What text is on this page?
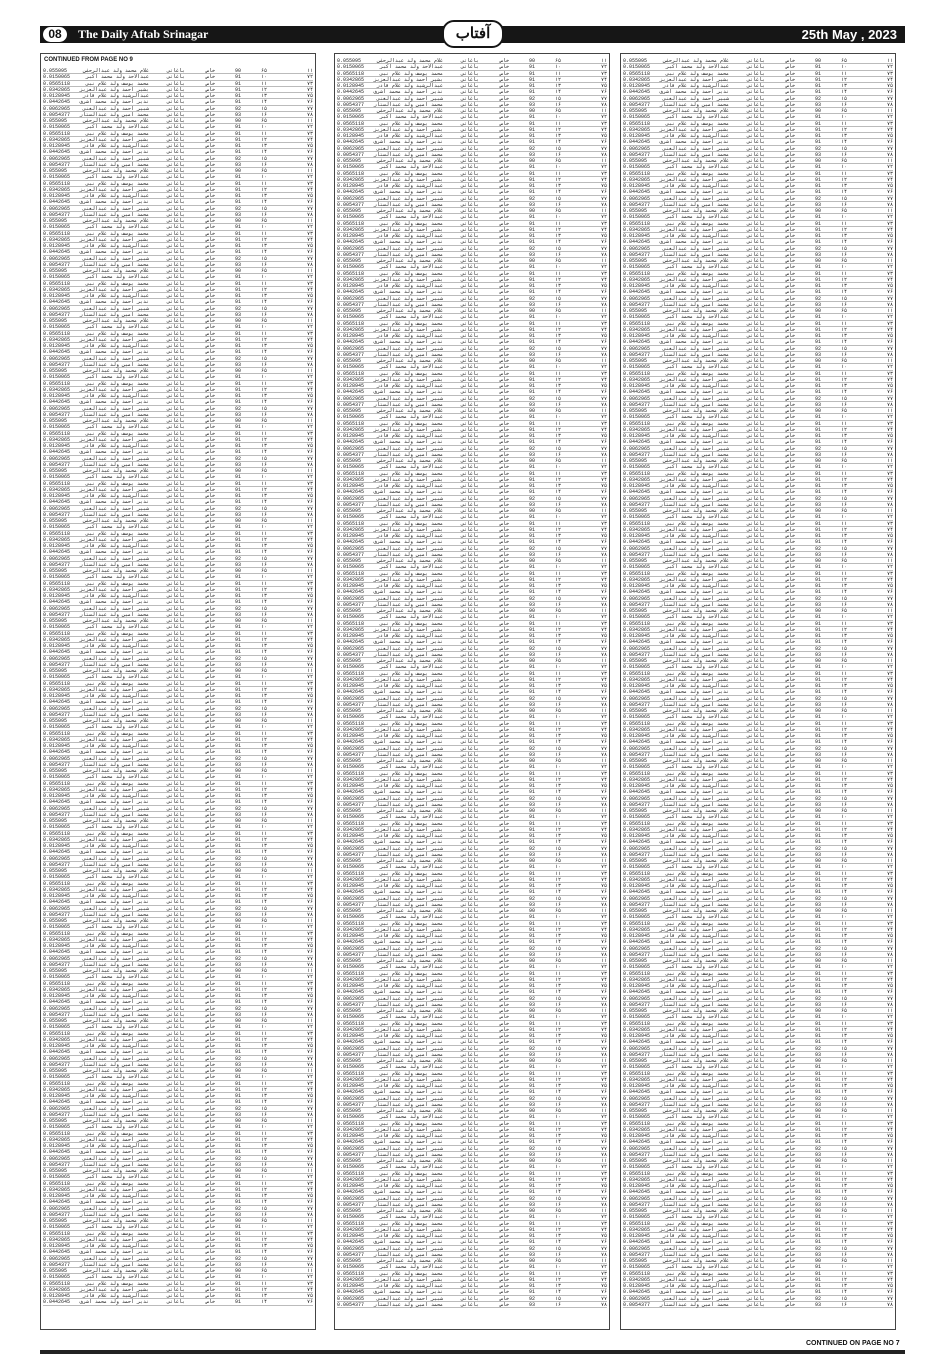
08	The Daily Aftab Srinagar	آفتاب	25th May , 2023
CONTINUED FROM PAGE NO 9
0.055095	غلام محمد ولد عبدالرحمٰن	باغاتی	خاص	90	۶۵	۱۱
0.0150065	عبدالاحد ولد محمد اکبر	باغاتی	خاص	91	۱۰	۷۲
0.0565118	محمد یوسف ولد غلام نبی	باغاتی	خاص	91	۱۱	۷۳
0.0342865	بشیر احمد ولد عبدالعزیز	باغاتی	خاص	91	۱۲	۷۴
0.0128945	عبدالرشید ولد غلام قادر	باغاتی	خاص	91	۱۳	۷۵
0.0442645	نذیر احمد ولد محمد اشرف	باغاتی	خاص	91	۱۴	۷۶
0.0062965	شبیر احمد ولد عبدالغنی	باغاتی	خاص	92	۱۵	۷۷
0.0054377	محمد امین ولد عبدالستار	باغاتی	خاص	93	۱۶	۷۸
0.055095	غلام محمد ولد عبدالرحمٰن	باغاتی	خاص	90	۶۵	۱۱
0.0150065	عبدالاحد ولد محمد اکبر	باغاتی	خاص	91	۱۰	۷۲
0.0565118	محمد یوسف ولد غلام نبی	باغاتی	خاص	91	۱۱	۷۳
0.0342865	بشیر احمد ولد عبدالعزیز	باغاتی	خاص	91	۱۲	۷۴
0.0128945	عبدالرشید ولد غلام قادر	باغاتی	خاص	91	۱۳	۷۵
0.0442645	نذیر احمد ولد محمد اشرف	باغاتی	خاص	91	۱۴	۷۶
0.0062965	شبیر احمد ولد عبدالغنی	باغاتی	خاص	92	۱۵	۷۷
0.0054377	محمد امین ولد عبدالستار	باغاتی	خاص	93	۱۶	۷۸
0.055095	غلام محمد ولد عبدالرحمٰن	باغاتی	خاص	90	۶۵	۱۱
0.0150065	عبدالاحد ولد محمد اکبر	باغاتی	خاص	91	۱۰	۷۲
0.0565118	محمد یوسف ولد غلام نبی	باغاتی	خاص	91	۱۱	۷۳
0.0342865	بشیر احمد ولد عبدالعزیز	باغاتی	خاص	91	۱۲	۷۴
0.0128945	عبدالرشید ولد غلام قادر	باغاتی	خاص	91	۱۳	۷۵
0.0442645	نذیر احمد ولد محمد اشرف	باغاتی	خاص	91	۱۴	۷۶
0.0062965	شبیر احمد ولد عبدالغنی	باغاتی	خاص	92	۱۵	۷۷
0.0054377	محمد امین ولد عبدالستار	باغاتی	خاص	93	۱۶	۷۸
0.055095	غلام محمد ولد عبدالرحمٰن	باغاتی	خاص	90	۶۵	۱۱
0.0150065	عبدالاحد ولد محمد اکبر	باغاتی	خاص	91	۱۰	۷۲
0.0565118	محمد یوسف ولد غلام نبی	باغاتی	خاص	91	۱۱	۷۳
0.0342865	بشیر احمد ولد عبدالعزیز	باغاتی	خاص	91	۱۲	۷۴
0.0128945	عبدالرشید ولد غلام قادر	باغاتی	خاص	91	۱۳	۷۵
0.0442645	نذیر احمد ولد محمد اشرف	باغاتی	خاص	91	۱۴	۷۶
0.0062965	شبیر احمد ولد عبدالغنی	باغاتی	خاص	92	۱۵	۷۷
0.0054377	محمد امین ولد عبدالستار	باغاتی	خاص	93	۱۶	۷۸
0.055095	غلام محمد ولد عبدالرحمٰن	باغاتی	خاص	90	۶۵	۱۱
0.0150065	عبدالاحد ولد محمد اکبر	باغاتی	خاص	91	۱۰	۷۲
0.0565118	محمد یوسف ولد غلام نبی	باغاتی	خاص	91	۱۱	۷۳
0.0342865	بشیر احمد ولد عبدالعزیز	باغاتی	خاص	91	۱۲	۷۴
0.0128945	عبدالرشید ولد غلام قادر	باغاتی	خاص	91	۱۳	۷۵
0.0442645	نذیر احمد ولد محمد اشرف	باغاتی	خاص	91	۱۴	۷۶
0.0062965	شبیر احمد ولد عبدالغنی	باغاتی	خاص	92	۱۵	۷۷
0.0054377	محمد امین ولد عبدالستار	باغاتی	خاص	93	۱۶	۷۸
0.055095	غلام محمد ولد عبدالرحمٰن	باغاتی	خاص	90	۶۵	۱۱
0.0150065	عبدالاحد ولد محمد اکبر	باغاتی	خاص	91	۱۰	۷۲
0.0565118	محمد یوسف ولد غلام نبی	باغاتی	خاص	91	۱۱	۷۳
0.0342865	بشیر احمد ولد عبدالعزیز	باغاتی	خاص	91	۱۲	۷۴
0.0128945	عبدالرشید ولد غلام قادر	باغاتی	خاص	91	۱۳	۷۵
0.0442645	نذیر احمد ولد محمد اشرف	باغاتی	خاص	91	۱۴	۷۶
0.0062965	شبیر احمد ولد عبدالغنی	باغاتی	خاص	92	۱۵	۷۷
0.0054377	محمد امین ولد عبدالستار	باغاتی	خاص	93	۱۶	۷۸
0.055095	غلام محمد ولد عبدالرحمٰن	باغاتی	خاص	90	۶۵	۱۱
0.0150065	عبدالاحد ولد محمد اکبر	باغاتی	خاص	91	۱۰	۷۲
0.0565118	محمد یوسف ولد غلام نبی	باغاتی	خاص	91	۱۱	۷۳
0.0342865	بشیر احمد ولد عبدالعزیز	باغاتی	خاص	91	۱۲	۷۴
0.0128945	عبدالرشید ولد غلام قادر	باغاتی	خاص	91	۱۳	۷۵
0.0442645	نذیر احمد ولد محمد اشرف	باغاتی	خاص	91	۱۴	۷۶
0.0062965	شبیر احمد ولد عبدالغنی	باغاتی	خاص	92	۱۵	۷۷
0.0054377	محمد امین ولد عبدالستار	باغاتی	خاص	93	۱۶	۷۸
0.055095	غلام محمد ولد عبدالرحمٰن	باغاتی	خاص	90	۶۵	۱۱
0.0150065	عبدالاحد ولد محمد اکبر	باغاتی	خاص	91	۱۰	۷۲
0.0565118	محمد یوسف ولد غلام نبی	باغاتی	خاص	91	۱۱	۷۳
0.0342865	بشیر احمد ولد عبدالعزیز	باغاتی	خاص	91	۱۲	۷۴
0.0128945	عبدالرشید ولد غلام قادر	باغاتی	خاص	91	۱۳	۷۵
0.0442645	نذیر احمد ولد محمد اشرف	باغاتی	خاص	91	۱۴	۷۶
0.0062965	شبیر احمد ولد عبدالغنی	باغاتی	خاص	92	۱۵	۷۷
0.0054377	محمد امین ولد عبدالستار	باغاتی	خاص	93	۱۶	۷۸
0.055095	غلام محمد ولد عبدالرحمٰن	باغاتی	خاص	90	۶۵	۱۱
0.0150065	عبدالاحد ولد محمد اکبر	باغاتی	خاص	91	۱۰	۷۲
0.0565118	محمد یوسف ولد غلام نبی	باغاتی	خاص	91	۱۱	۷۳
0.0342865	بشیر احمد ولد عبدالعزیز	باغاتی	خاص	91	۱۲	۷۴
0.0128945	عبدالرشید ولد غلام قادر	باغاتی	خاص	91	۱۳	۷۵
0.0442645	نذیر احمد ولد محمد اشرف	باغاتی	خاص	91	۱۴	۷۶
0.0062965	شبیر احمد ولد عبدالغنی	باغاتی	خاص	92	۱۵	۷۷
0.0054377	محمد امین ولد عبدالستار	باغاتی	خاص	93	۱۶	۷۸
0.055095	غلام محمد ولد عبدالرحمٰن	باغاتی	خاص	90	۶۵	۱۱
0.0150065	عبدالاحد ولد محمد اکبر	باغاتی	خاص	91	۱۰	۷۲
0.0565118	محمد یوسف ولد غلام نبی	باغاتی	خاص	91	۱۱	۷۳
0.0342865	بشیر احمد ولد عبدالعزیز	باغاتی	خاص	91	۱۲	۷۴
0.0128945	عبدالرشید ولد غلام قادر	باغاتی	خاص	91	۱۳	۷۵
0.0442645	نذیر احمد ولد محمد اشرف	باغاتی	خاص	91	۱۴	۷۶
0.0062965	شبیر احمد ولد عبدالغنی	باغاتی	خاص	92	۱۵	۷۷
0.0054377	محمد امین ولد عبدالستار	باغاتی	خاص	93	۱۶	۷۸
0.055095	غلام محمد ولد عبدالرحمٰن	باغاتی	خاص	90	۶۵	۱۱
0.0150065	عبدالاحد ولد محمد اکبر	باغاتی	خاص	91	۱۰	۷۲
0.0565118	محمد یوسف ولد غلام نبی	باغاتی	خاص	91	۱۱	۷۳
0.0342865	بشیر احمد ولد عبدالعزیز	باغاتی	خاص	91	۱۲	۷۴
0.0128945	عبدالرشید ولد غلام قادر	باغاتی	خاص	91	۱۳	۷۵
0.0442645	نذیر احمد ولد محمد اشرف	باغاتی	خاص	91	۱۴	۷۶
0.0062965	شبیر احمد ولد عبدالغنی	باغاتی	خاص	92	۱۵	۷۷
0.0054377	محمد امین ولد عبدالستار	باغاتی	خاص	93	۱۶	۷۸
0.055095	غلام محمد ولد عبدالرحمٰن	باغاتی	خاص	90	۶۵	۱۱
0.0150065	عبدالاحد ولد محمد اکبر	باغاتی	خاص	91	۱۰	۷۲
0.0565118	محمد یوسف ولد غلام نبی	باغاتی	خاص	91	۱۱	۷۳
0.0342865	بشیر احمد ولد عبدالعزیز	باغاتی	خاص	91	۱۲	۷۴
0.0128945	عبدالرشید ولد غلام قادر	باغاتی	خاص	91	۱۳	۷۵
0.0442645	نذیر احمد ولد محمد اشرف	باغاتی	خاص	91	۱۴	۷۶
0.0062965	شبیر احمد ولد عبدالغنی	باغاتی	خاص	92	۱۵	۷۷
0.0054377	محمد امین ولد عبدالستار	باغاتی	خاص	93	۱۶	۷۸
0.055095	غلام محمد ولد عبدالرحمٰن	باغاتی	خاص	90	۶۵	۱۱
0.0150065	عبدالاحد ولد محمد اکبر	باغاتی	خاص	91	۱۰	۷۲
0.0565118	محمد یوسف ولد غلام نبی	باغاتی	خاص	91	۱۱	۷۳
0.0342865	بشیر احمد ولد عبدالعزیز	باغاتی	خاص	91	۱۲	۷۴
0.0128945	عبدالرشید ولد غلام قادر	باغاتی	خاص	91	۱۳	۷۵
0.0442645	نذیر احمد ولد محمد اشرف	باغاتی	خاص	91	۱۴	۷۶
0.0062965	شبیر احمد ولد عبدالغنی	باغاتی	خاص	92	۱۵	۷۷
0.0054377	محمد امین ولد عبدالستار	باغاتی	خاص	93	۱۶	۷۸
0.055095	غلام محمد ولد عبدالرحمٰن	باغاتی	خاص	90	۶۵	۱۱
0.0150065	عبدالاحد ولد محمد اکبر	باغاتی	خاص	91	۱۰	۷۲
0.0565118	محمد یوسف ولد غلام نبی	باغاتی	خاص	91	۱۱	۷۳
0.0342865	بشیر احمد ولد عبدالعزیز	باغاتی	خاص	91	۱۲	۷۴
0.0128945	عبدالرشید ولد غلام قادر	باغاتی	خاص	91	۱۳	۷۵
0.0442645	نذیر احمد ولد محمد اشرف	باغاتی	خاص	91	۱۴	۷۶
0.0062965	شبیر احمد ولد عبدالغنی	باغاتی	خاص	92	۱۵	۷۷
0.0054377	محمد امین ولد عبدالستار	باغاتی	خاص	93	۱۶	۷۸
0.055095	غلام محمد ولد عبدالرحمٰن	باغاتی	خاص	90	۶۵	۱۱
0.0150065	عبدالاحد ولد محمد اکبر	باغاتی	خاص	91	۱۰	۷۲
0.0565118	محمد یوسف ولد غلام نبی	باغاتی	خاص	91	۱۱	۷۳
0.0342865	بشیر احمد ولد عبدالعزیز	باغاتی	خاص	91	۱۲	۷۴
0.0128945	عبدالرشید ولد غلام قادر	باغاتی	خاص	91	۱۳	۷۵
0.0442645	نذیر احمد ولد محمد اشرف	باغاتی	خاص	91	۱۴	۷۶
0.0062965	شبیر احمد ولد عبدالغنی	باغاتی	خاص	92	۱۵	۷۷
0.0054377	محمد امین ولد عبدالستار	باغاتی	خاص	93	۱۶	۷۸
0.055095	غلام محمد ولد عبدالرحمٰن	باغاتی	خاص	90	۶۵	۱۱
0.0150065	عبدالاحد ولد محمد اکبر	باغاتی	خاص	91	۱۰	۷۲
0.0565118	محمد یوسف ولد غلام نبی	باغاتی	خاص	91	۱۱	۷۳
0.0342865	بشیر احمد ولد عبدالعزیز	باغاتی	خاص	91	۱۲	۷۴
0.0128945	عبدالرشید ولد غلام قادر	باغاتی	خاص	91	۱۳	۷۵
0.0442645	نذیر احمد ولد محمد اشرف	باغاتی	خاص	91	۱۴	۷۶
0.0062965	شبیر احمد ولد عبدالغنی	باغاتی	خاص	92	۱۵	۷۷
0.0054377	محمد امین ولد عبدالستار	باغاتی	خاص	93	۱۶	۷۸
0.055095	غلام محمد ولد عبدالرحمٰن	باغاتی	خاص	90	۶۵	۱۱
0.0150065	عبدالاحد ولد محمد اکبر	باغاتی	خاص	91	۱۰	۷۲
0.0565118	محمد یوسف ولد غلام نبی	باغاتی	خاص	91	۱۱	۷۳
0.0342865	بشیر احمد ولد عبدالعزیز	باغاتی	خاص	91	۱۲	۷۴
0.0128945	عبدالرشید ولد غلام قادر	باغاتی	خاص	91	۱۳	۷۵
0.0442645	نذیر احمد ولد محمد اشرف	باغاتی	خاص	91	۱۴	۷۶
0.0062965	شبیر احمد ولد عبدالغنی	باغاتی	خاص	92	۱۵	۷۷
0.0054377	محمد امین ولد عبدالستار	باغاتی	خاص	93	۱۶	۷۸
0.055095	غلام محمد ولد عبدالرحمٰن	باغاتی	خاص	90	۶۵	۱۱
0.0150065	عبدالاحد ولد محمد اکبر	باغاتی	خاص	91	۱۰	۷۲
0.0565118	محمد یوسف ولد غلام نبی	باغاتی	خاص	91	۱۱	۷۳
0.0342865	بشیر احمد ولد عبدالعزیز	باغاتی	خاص	91	۱۲	۷۴
0.0128945	عبدالرشید ولد غلام قادر	باغاتی	خاص	91	۱۳	۷۵
0.0442645	نذیر احمد ولد محمد اشرف	باغاتی	خاص	91	۱۴	۷۶
0.0062965	شبیر احمد ولد عبدالغنی	باغاتی	خاص	92	۱۵	۷۷
0.0054377	محمد امین ولد عبدالستار	باغاتی	خاص	93	۱۶	۷۸
0.055095	غلام محمد ولد عبدالرحمٰن	باغاتی	خاص	90	۶۵	۱۱
0.0150065	عبدالاحد ولد محمد اکبر	باغاتی	خاص	91	۱۰	۷۲
0.0565118	محمد یوسف ولد غلام نبی	باغاتی	خاص	91	۱۱	۷۳
0.0342865	بشیر احمد ولد عبدالعزیز	باغاتی	خاص	91	۱۲	۷۴
0.0128945	عبدالرشید ولد غلام قادر	باغاتی	خاص	91	۱۳	۷۵
0.0442645	نذیر احمد ولد محمد اشرف	باغاتی	خاص	91	۱۴	۷۶
0.0062965	شبیر احمد ولد عبدالغنی	باغاتی	خاص	92	۱۵	۷۷
0.0054377	محمد امین ولد عبدالستار	باغاتی	خاص	93	۱۶	۷۸
0.055095	غلام محمد ولد عبدالرحمٰن	باغاتی	خاص	90	۶۵	۱۱
0.0150065	عبدالاحد ولد محمد اکبر	باغاتی	خاص	91	۱۰	۷۲
0.0565118	محمد یوسف ولد غلام نبی	باغاتی	خاص	91	۱۱	۷۳
0.0342865	بشیر احمد ولد عبدالعزیز	باغاتی	خاص	91	۱۲	۷۴
0.0128945	عبدالرشید ولد غلام قادر	باغاتی	خاص	91	۱۳	۷۵
0.0442645	نذیر احمد ولد محمد اشرف	باغاتی	خاص	91	۱۴	۷۶
0.0062965	شبیر احمد ولد عبدالغنی	باغاتی	خاص	92	۱۵	۷۷
0.0054377	محمد امین ولد عبدالستار	باغاتی	خاص	93	۱۶	۷۸
0.055095	غلام محمد ولد عبدالرحمٰن	باغاتی	خاص	90	۶۵	۱۱
0.0150065	عبدالاحد ولد محمد اکبر	باغاتی	خاص	91	۱۰	۷۲
0.0565118	محمد یوسف ولد غلام نبی	باغاتی	خاص	91	۱۱	۷۳
0.0342865	بشیر احمد ولد عبدالعزیز	باغاتی	خاص	91	۱۲	۷۴
0.0128945	عبدالرشید ولد غلام قادر	باغاتی	خاص	91	۱۳	۷۵
0.0442645	نذیر احمد ولد محمد اشرف	باغاتی	خاص	91	۱۴	۷۶
0.0062965	شبیر احمد ولد عبدالغنی	باغاتی	خاص	92	۱۵	۷۷
0.0054377	محمد امین ولد عبدالستار	باغاتی	خاص	93	۱۶	۷۸
0.055095	غلام محمد ولد عبدالرحمٰن	باغاتی	خاص	90	۶۵	۱۱
0.0150065	عبدالاحد ولد محمد اکبر	باغاتی	خاص	91	۱۰	۷۲
0.0565118	محمد یوسف ولد غلام نبی	باغاتی	خاص	91	۱۱	۷۳
0.0342865	بشیر احمد ولد عبدالعزیز	باغاتی	خاص	91	۱۲	۷۴
0.0128945	عبدالرشید ولد غلام قادر	باغاتی	خاص	91	۱۳	۷۵
0.0442645	نذیر احمد ولد محمد اشرف	باغاتی	خاص	91	۱۴	۷۶
0.0062965	شبیر احمد ولد عبدالغنی	باغاتی	خاص	92	۱۵	۷۷
0.0054377	محمد امین ولد عبدالستار	باغاتی	خاص	93	۱۶	۷۸
0.055095	غلام محمد ولد عبدالرحمٰن	باغاتی	خاص	90	۶۵	۱۱
0.0150065	عبدالاحد ولد محمد اکبر	باغاتی	خاص	91	۱۰	۷۲
0.0565118	محمد یوسف ولد غلام نبی	باغاتی	خاص	91	۱۱	۷۳
0.0342865	بشیر احمد ولد عبدالعزیز	باغاتی	خاص	91	۱۲	۷۴
0.0128945	عبدالرشید ولد غلام قادر	باغاتی	خاص	91	۱۳	۷۵
0.0442645	نذیر احمد ولد محمد اشرف	باغاتی	خاص	91	۱۴	۷۶
0.0062965	شبیر احمد ولد عبدالغنی	باغاتی	خاص	92	۱۵	۷۷
0.0054377	محمد امین ولد عبدالستار	باغاتی	خاص	93	۱۶	۷۸
0.055095	غلام محمد ولد عبدالرحمٰن	باغاتی	خاص	90	۶۵	۱۱
0.0150065	عبدالاحد ولد محمد اکبر	باغاتی	خاص	91	۱۰	۷۲
0.0565118	محمد یوسف ولد غلام نبی	باغاتی	خاص	91	۱۱	۷۳
0.0342865	بشیر احمد ولد عبدالعزیز	باغاتی	خاص	91	۱۲	۷۴
0.0128945	عبدالرشید ولد غلام قادر	باغاتی	خاص	91	۱۳	۷۵
0.0442645	نذیر احمد ولد محمد اشرف	باغاتی	خاص	91	۱۴	۷۶
0.0062965	شبیر احمد ولد عبدالغنی	باغاتی	خاص	92	۱۵	۷۷
0.0054377	محمد امین ولد عبدالستار	باغاتی	خاص	93	۱۶	۷۸
0.055095	غلام محمد ولد عبدالرحمٰن	باغاتی	خاص	90	۶۵	۱۱
0.0150065	عبدالاحد ولد محمد اکبر	باغاتی	خاص	91	۱۰	۷۲
0.0565118	محمد یوسف ولد غلام نبی	باغاتی	خاص	91	۱۱	۷۳
0.0342865	بشیر احمد ولد عبدالعزیز	باغاتی	خاص	91	۱۲	۷۴
0.0128945	عبدالرشید ولد غلام قادر	باغاتی	خاص	91	۱۳	۷۵
0.0442645	نذیر احمد ولد محمد اشرف	باغاتی	خاص	91	۱۴	۷۶
0.055095	غلام محمد ولد عبدالرحمٰن	باغاتی	خاص	90	۶۵	۱۱
0.0150065	عبدالاحد ولد محمد اکبر	باغاتی	خاص	91	۱۰	۷۲
0.0565118	محمد یوسف ولد غلام نبی	باغاتی	خاص	91	۱۱	۷۳
0.0342865	بشیر احمد ولد عبدالعزیز	باغاتی	خاص	91	۱۲	۷۴
0.0128945	عبدالرشید ولد غلام قادر	باغاتی	خاص	91	۱۳	۷۵
0.0442645	نذیر احمد ولد محمد اشرف	باغاتی	خاص	91	۱۴	۷۶
0.0062965	شبیر احمد ولد عبدالغنی	باغاتی	خاص	92	۱۵	۷۷
0.0054377	محمد امین ولد عبدالستار	باغاتی	خاص	93	۱۶	۷۸
0.055095	غلام محمد ولد عبدالرحمٰن	باغاتی	خاص	90	۶۵	۱۱
0.0150065	عبدالاحد ولد محمد اکبر	باغاتی	خاص	91	۱۰	۷۲
0.0565118	محمد یوسف ولد غلام نبی	باغاتی	خاص	91	۱۱	۷۳
0.0342865	بشیر احمد ولد عبدالعزیز	باغاتی	خاص	91	۱۲	۷۴
0.0128945	عبدالرشید ولد غلام قادر	باغاتی	خاص	91	۱۳	۷۵
0.0442645	نذیر احمد ولد محمد اشرف	باغاتی	خاص	91	۱۴	۷۶
0.0062965	شبیر احمد ولد عبدالغنی	باغاتی	خاص	92	۱۵	۷۷
0.0054377	محمد امین ولد عبدالستار	باغاتی	خاص	93	۱۶	۷۸
0.055095	غلام محمد ولد عبدالرحمٰن	باغاتی	خاص	90	۶۵	۱۱
0.0150065	عبدالاحد ولد محمد اکبر	باغاتی	خاص	91	۱۰	۷۲
0.0565118	محمد یوسف ولد غلام نبی	باغاتی	خاص	91	۱۱	۷۳
0.0342865	بشیر احمد ولد عبدالعزیز	باغاتی	خاص	91	۱۲	۷۴
0.0128945	عبدالرشید ولد غلام قادر	باغاتی	خاص	91	۱۳	۷۵
0.0442645	نذیر احمد ولد محمد اشرف	باغاتی	خاص	91	۱۴	۷۶
0.0062965	شبیر احمد ولد عبدالغنی	باغاتی	خاص	92	۱۵	۷۷
0.0054377	محمد امین ولد عبدالستار	باغاتی	خاص	93	۱۶	۷۸
0.055095	غلام محمد ولد عبدالرحمٰن	باغاتی	خاص	90	۶۵	۱۱
0.0150065	عبدالاحد ولد محمد اکبر	باغاتی	خاص	91	۱۰	۷۲
0.0565118	محمد یوسف ولد غلام نبی	باغاتی	خاص	91	۱۱	۷۳
0.0342865	بشیر احمد ولد عبدالعزیز	باغاتی	خاص	91	۱۲	۷۴
0.0128945	عبدالرشید ولد غلام قادر	باغاتی	خاص	91	۱۳	۷۵
0.0442645	نذیر احمد ولد محمد اشرف	باغاتی	خاص	91	۱۴	۷۶
0.0062965	شبیر احمد ولد عبدالغنی	باغاتی	خاص	92	۱۵	۷۷
0.0054377	محمد امین ولد عبدالستار	باغاتی	خاص	93	۱۶	۷۸
0.055095	غلام محمد ولد عبدالرحمٰن	باغاتی	خاص	90	۶۵	۱۱
0.0150065	عبدالاحد ولد محمد اکبر	باغاتی	خاص	91	۱۰	۷۲
0.0565118	محمد یوسف ولد غلام نبی	باغاتی	خاص	91	۱۱	۷۳
0.0342865	بشیر احمد ولد عبدالعزیز	باغاتی	خاص	91	۱۲	۷۴
0.0128945	عبدالرشید ولد غلام قادر	باغاتی	خاص	91	۱۳	۷۵
0.0442645	نذیر احمد ولد محمد اشرف	باغاتی	خاص	91	۱۴	۷۶
0.0062965	شبیر احمد ولد عبدالغنی	باغاتی	خاص	92	۱۵	۷۷
0.0054377	محمد امین ولد عبدالستار	باغاتی	خاص	93	۱۶	۷۸
0.055095	غلام محمد ولد عبدالرحمٰن	باغاتی	خاص	90	۶۵	۱۱
0.0150065	عبدالاحد ولد محمد اکبر	باغاتی	خاص	91	۱۰	۷۲
0.0565118	محمد یوسف ولد غلام نبی	باغاتی	خاص	91	۱۱	۷۳
0.0342865	بشیر احمد ولد عبدالعزیز	باغاتی	خاص	91	۱۲	۷۴
0.0128945	عبدالرشید ولد غلام قادر	باغاتی	خاص	91	۱۳	۷۵
0.0442645	نذیر احمد ولد محمد اشرف	باغاتی	خاص	91	۱۴	۷۶
0.0062965	شبیر احمد ولد عبدالغنی	باغاتی	خاص	92	۱۵	۷۷
0.0054377	محمد امین ولد عبدالستار	باغاتی	خاص	93	۱۶	۷۸
0.055095	غلام محمد ولد عبدالرحمٰن	باغاتی	خاص	90	۶۵	۱۱
0.0150065	عبدالاحد ولد محمد اکبر	باغاتی	خاص	91	۱۰	۷۲
0.0565118	محمد یوسف ولد غلام نبی	باغاتی	خاص	91	۱۱	۷۳
0.0342865	بشیر احمد ولد عبدالعزیز	باغاتی	خاص	91	۱۲	۷۴
0.0128945	عبدالرشید ولد غلام قادر	باغاتی	خاص	91	۱۳	۷۵
0.0442645	نذیر احمد ولد محمد اشرف	باغاتی	خاص	91	۱۴	۷۶
0.0062965	شبیر احمد ولد عبدالغنی	باغاتی	خاص	92	۱۵	۷۷
0.0054377	محمد امین ولد عبدالستار	باغاتی	خاص	93	۱۶	۷۸
0.055095	غلام محمد ولد عبدالرحمٰن	باغاتی	خاص	90	۶۵	۱۱
0.0150065	عبدالاحد ولد محمد اکبر	باغاتی	خاص	91	۱۰	۷۲
0.0565118	محمد یوسف ولد غلام نبی	باغاتی	خاص	91	۱۱	۷۳
0.0342865	بشیر احمد ولد عبدالعزیز	باغاتی	خاص	91	۱۲	۷۴
0.0128945	عبدالرشید ولد غلام قادر	باغاتی	خاص	91	۱۳	۷۵
0.0442645	نذیر احمد ولد محمد اشرف	باغاتی	خاص	91	۱۴	۷۶
0.0062965	شبیر احمد ولد عبدالغنی	باغاتی	خاص	92	۱۵	۷۷
0.0054377	محمد امین ولد عبدالستار	باغاتی	خاص	93	۱۶	۷۸
0.055095	غلام محمد ولد عبدالرحمٰن	باغاتی	خاص	90	۶۵	۱۱
0.0150065	عبدالاحد ولد محمد اکبر	باغاتی	خاص	91	۱۰	۷۲
0.0565118	محمد یوسف ولد غلام نبی	باغاتی	خاص	91	۱۱	۷۳
0.0342865	بشیر احمد ولد عبدالعزیز	باغاتی	خاص	91	۱۲	۷۴
0.0128945	عبدالرشید ولد غلام قادر	باغاتی	خاص	91	۱۳	۷۵
0.0442645	نذیر احمد ولد محمد اشرف	باغاتی	خاص	91	۱۴	۷۶
0.0062965	شبیر احمد ولد عبدالغنی	باغاتی	خاص	92	۱۵	۷۷
0.0054377	محمد امین ولد عبدالستار	باغاتی	خاص	93	۱۶	۷۸
0.055095	غلام محمد ولد عبدالرحمٰن	باغاتی	خاص	90	۶۵	۱۱
0.0150065	عبدالاحد ولد محمد اکبر	باغاتی	خاص	91	۱۰	۷۲
0.0565118	محمد یوسف ولد غلام نبی	باغاتی	خاص	91	۱۱	۷۳
0.0342865	بشیر احمد ولد عبدالعزیز	باغاتی	خاص	91	۱۲	۷۴
0.0128945	عبدالرشید ولد غلام قادر	باغاتی	خاص	91	۱۳	۷۵
0.0442645	نذیر احمد ولد محمد اشرف	باغاتی	خاص	91	۱۴	۷۶
0.0062965	شبیر احمد ولد عبدالغنی	باغاتی	خاص	92	۱۵	۷۷
0.0054377	محمد امین ولد عبدالستار	باغاتی	خاص	93	۱۶	۷۸
0.055095	غلام محمد ولد عبدالرحمٰن	باغاتی	خاص	90	۶۵	۱۱
0.0150065	عبدالاحد ولد محمد اکبر	باغاتی	خاص	91	۱۰	۷۲
0.0565118	محمد یوسف ولد غلام نبی	باغاتی	خاص	91	۱۱	۷۳
0.0342865	بشیر احمد ولد عبدالعزیز	باغاتی	خاص	91	۱۲	۷۴
0.0128945	عبدالرشید ولد غلام قادر	باغاتی	خاص	91	۱۳	۷۵
0.0442645	نذیر احمد ولد محمد اشرف	باغاتی	خاص	91	۱۴	۷۶
0.0062965	شبیر احمد ولد عبدالغنی	باغاتی	خاص	92	۱۵	۷۷
0.0054377	محمد امین ولد عبدالستار	باغاتی	خاص	93	۱۶	۷۸
0.055095	غلام محمد ولد عبدالرحمٰن	باغاتی	خاص	90	۶۵	۱۱
0.0150065	عبدالاحد ولد محمد اکبر	باغاتی	خاص	91	۱۰	۷۲
0.0565118	محمد یوسف ولد غلام نبی	باغاتی	خاص	91	۱۱	۷۳
0.0342865	بشیر احمد ولد عبدالعزیز	باغاتی	خاص	91	۱۲	۷۴
0.0128945	عبدالرشید ولد غلام قادر	باغاتی	خاص	91	۱۳	۷۵
0.0442645	نذیر احمد ولد محمد اشرف	باغاتی	خاص	91	۱۴	۷۶
0.0062965	شبیر احمد ولد عبدالغنی	باغاتی	خاص	92	۱۵	۷۷
0.0054377	محمد امین ولد عبدالستار	باغاتی	خاص	93	۱۶	۷۸
0.055095	غلام محمد ولد عبدالرحمٰن	باغاتی	خاص	90	۶۵	۱۱
0.0150065	عبدالاحد ولد محمد اکبر	باغاتی	خاص	91	۱۰	۷۲
0.0565118	محمد یوسف ولد غلام نبی	باغاتی	خاص	91	۱۱	۷۳
0.0342865	بشیر احمد ولد عبدالعزیز	باغاتی	خاص	91	۱۲	۷۴
0.0128945	عبدالرشید ولد غلام قادر	باغاتی	خاص	91	۱۳	۷۵
0.0442645	نذیر احمد ولد محمد اشرف	باغاتی	خاص	91	۱۴	۷۶
0.0062965	شبیر احمد ولد عبدالغنی	باغاتی	خاص	92	۱۵	۷۷
0.0054377	محمد امین ولد عبدالستار	باغاتی	خاص	93	۱۶	۷۸
0.055095	غلام محمد ولد عبدالرحمٰن	باغاتی	خاص	90	۶۵	۱۱
0.0150065	عبدالاحد ولد محمد اکبر	باغاتی	خاص	91	۱۰	۷۲
0.0565118	محمد یوسف ولد غلام نبی	باغاتی	خاص	91	۱۱	۷۳
0.0342865	بشیر احمد ولد عبدالعزیز	باغاتی	خاص	91	۱۲	۷۴
0.0128945	عبدالرشید ولد غلام قادر	باغاتی	خاص	91	۱۳	۷۵
0.0442645	نذیر احمد ولد محمد اشرف	باغاتی	خاص	91	۱۴	۷۶
0.0062965	شبیر احمد ولد عبدالغنی	باغاتی	خاص	92	۱۵	۷۷
0.0054377	محمد امین ولد عبدالستار	باغاتی	خاص	93	۱۶	۷۸
0.055095	غلام محمد ولد عبدالرحمٰن	باغاتی	خاص	90	۶۵	۱۱
0.0150065	عبدالاحد ولد محمد اکبر	باغاتی	خاص	91	۱۰	۷۲
0.0565118	محمد یوسف ولد غلام نبی	باغاتی	خاص	91	۱۱	۷۳
0.0342865	بشیر احمد ولد عبدالعزیز	باغاتی	خاص	91	۱۲	۷۴
0.0128945	عبدالرشید ولد غلام قادر	باغاتی	خاص	91	۱۳	۷۵
0.0442645	نذیر احمد ولد محمد اشرف	باغاتی	خاص	91	۱۴	۷۶
0.0062965	شبیر احمد ولد عبدالغنی	باغاتی	خاص	92	۱۵	۷۷
0.0054377	محمد امین ولد عبدالستار	باغاتی	خاص	93	۱۶	۷۸
0.055095	غلام محمد ولد عبدالرحمٰن	باغاتی	خاص	90	۶۵	۱۱
0.0150065	عبدالاحد ولد محمد اکبر	باغاتی	خاص	91	۱۰	۷۲
0.0565118	محمد یوسف ولد غلام نبی	باغاتی	خاص	91	۱۱	۷۳
0.0342865	بشیر احمد ولد عبدالعزیز	باغاتی	خاص	91	۱۲	۷۴
0.0128945	عبدالرشید ولد غلام قادر	باغاتی	خاص	91	۱۳	۷۵
0.0442645	نذیر احمد ولد محمد اشرف	باغاتی	خاص	91	۱۴	۷۶
0.0062965	شبیر احمد ولد عبدالغنی	باغاتی	خاص	92	۱۵	۷۷
0.0054377	محمد امین ولد عبدالستار	باغاتی	خاص	93	۱۶	۷۸
0.055095	غلام محمد ولد عبدالرحمٰن	باغاتی	خاص	90	۶۵	۱۱
0.0150065	عبدالاحد ولد محمد اکبر	باغاتی	خاص	91	۱۰	۷۲
0.0565118	محمد یوسف ولد غلام نبی	باغاتی	خاص	91	۱۱	۷۳
0.0342865	بشیر احمد ولد عبدالعزیز	باغاتی	خاص	91	۱۲	۷۴
0.0128945	عبدالرشید ولد غلام قادر	باغاتی	خاص	91	۱۳	۷۵
0.0442645	نذیر احمد ولد محمد اشرف	باغاتی	خاص	91	۱۴	۷۶
0.0062965	شبیر احمد ولد عبدالغنی	باغاتی	خاص	92	۱۵	۷۷
0.0054377	محمد امین ولد عبدالستار	باغاتی	خاص	93	۱۶	۷۸
0.055095	غلام محمد ولد عبدالرحمٰن	باغاتی	خاص	90	۶۵	۱۱
0.0150065	عبدالاحد ولد محمد اکبر	باغاتی	خاص	91	۱۰	۷۲
0.0565118	محمد یوسف ولد غلام نبی	باغاتی	خاص	91	۱۱	۷۳
0.0342865	بشیر احمد ولد عبدالعزیز	باغاتی	خاص	91	۱۲	۷۴
0.0128945	عبدالرشید ولد غلام قادر	باغاتی	خاص	91	۱۳	۷۵
0.0442645	نذیر احمد ولد محمد اشرف	باغاتی	خاص	91	۱۴	۷۶
0.0062965	شبیر احمد ولد عبدالغنی	باغاتی	خاص	92	۱۵	۷۷
0.0054377	محمد امین ولد عبدالستار	باغاتی	خاص	93	۱۶	۷۸
0.055095	غلام محمد ولد عبدالرحمٰن	باغاتی	خاص	90	۶۵	۱۱
0.0150065	عبدالاحد ولد محمد اکبر	باغاتی	خاص	91	۱۰	۷۲
0.0565118	محمد یوسف ولد غلام نبی	باغاتی	خاص	91	۱۱	۷۳
0.0342865	بشیر احمد ولد عبدالعزیز	باغاتی	خاص	91	۱۲	۷۴
0.0128945	عبدالرشید ولد غلام قادر	باغاتی	خاص	91	۱۳	۷۵
0.0442645	نذیر احمد ولد محمد اشرف	باغاتی	خاص	91	۱۴	۷۶
0.0062965	شبیر احمد ولد عبدالغنی	باغاتی	خاص	92	۱۵	۷۷
0.0054377	محمد امین ولد عبدالستار	باغاتی	خاص	93	۱۶	۷۸
0.055095	غلام محمد ولد عبدالرحمٰن	باغاتی	خاص	90	۶۵	۱۱
0.0150065	عبدالاحد ولد محمد اکبر	باغاتی	خاص	91	۱۰	۷۲
0.0565118	محمد یوسف ولد غلام نبی	باغاتی	خاص	91	۱۱	۷۳
0.0342865	بشیر احمد ولد عبدالعزیز	باغاتی	خاص	91	۱۲	۷۴
0.0128945	عبدالرشید ولد غلام قادر	باغاتی	خاص	91	۱۳	۷۵
0.0442645	نذیر احمد ولد محمد اشرف	باغاتی	خاص	91	۱۴	۷۶
0.0062965	شبیر احمد ولد عبدالغنی	باغاتی	خاص	92	۱۵	۷۷
0.0054377	محمد امین ولد عبدالستار	باغاتی	خاص	93	۱۶	۷۸
0.055095	غلام محمد ولد عبدالرحمٰن	باغاتی	خاص	90	۶۵	۱۱
0.0150065	عبدالاحد ولد محمد اکبر	باغاتی	خاص	91	۱۰	۷۲
0.0565118	محمد یوسف ولد غلام نبی	باغاتی	خاص	91	۱۱	۷۳
0.0342865	بشیر احمد ولد عبدالعزیز	باغاتی	خاص	91	۱۲	۷۴
0.0128945	عبدالرشید ولد غلام قادر	باغاتی	خاص	91	۱۳	۷۵
0.0442645	نذیر احمد ولد محمد اشرف	باغاتی	خاص	91	۱۴	۷۶
0.0062965	شبیر احمد ولد عبدالغنی	باغاتی	خاص	92	۱۵	۷۷
0.0054377	محمد امین ولد عبدالستار	باغاتی	خاص	93	۱۶	۷۸
0.055095	غلام محمد ولد عبدالرحمٰن	باغاتی	خاص	90	۶۵	۱۱
0.0150065	عبدالاحد ولد محمد اکبر	باغاتی	خاص	91	۱۰	۷۲
0.0565118	محمد یوسف ولد غلام نبی	باغاتی	خاص	91	۱۱	۷۳
0.0342865	بشیر احمد ولد عبدالعزیز	باغاتی	خاص	91	۱۲	۷۴
0.0128945	عبدالرشید ولد غلام قادر	باغاتی	خاص	91	۱۳	۷۵
0.0442645	نذیر احمد ولد محمد اشرف	باغاتی	خاص	91	۱۴	۷۶
0.0062965	شبیر احمد ولد عبدالغنی	باغاتی	خاص	92	۱۵	۷۷
0.0054377	محمد امین ولد عبدالستار	باغاتی	خاص	93	۱۶	۷۸
0.055095	غلام محمد ولد عبدالرحمٰن	باغاتی	خاص	90	۶۵	۱۱
0.0150065	عبدالاحد ولد محمد اکبر	باغاتی	خاص	91	۱۰	۷۲
0.0565118	محمد یوسف ولد غلام نبی	باغاتی	خاص	91	۱۱	۷۳
0.0342865	بشیر احمد ولد عبدالعزیز	باغاتی	خاص	91	۱۲	۷۴
0.0128945	عبدالرشید ولد غلام قادر	باغاتی	خاص	91	۱۳	۷۵
0.0442645	نذیر احمد ولد محمد اشرف	باغاتی	خاص	91	۱۴	۷۶
0.0062965	شبیر احمد ولد عبدالغنی	باغاتی	خاص	92	۱۵	۷۷
0.0054377	محمد امین ولد عبدالستار	باغاتی	خاص	93	۱۶	۷۸
0.055095	غلام محمد ولد عبدالرحمٰن	باغاتی	خاص	90	۶۵	۱۱
0.0150065	عبدالاحد ولد محمد اکبر	باغاتی	خاص	91	۱۰	۷۲
0.0565118	محمد یوسف ولد غلام نبی	باغاتی	خاص	91	۱۱	۷۳
0.0342865	بشیر احمد ولد عبدالعزیز	باغاتی	خاص	91	۱۲	۷۴
0.0128945	عبدالرشید ولد غلام قادر	باغاتی	خاص	91	۱۳	۷۵
0.0442645	نذیر احمد ولد محمد اشرف	باغاتی	خاص	91	۱۴	۷۶
0.0062965	شبیر احمد ولد عبدالغنی	باغاتی	خاص	92	۱۵	۷۷
0.0054377	محمد امین ولد عبدالستار	باغاتی	خاص	93	۱۶	۷۸
0.055095	غلام محمد ولد عبدالرحمٰن	باغاتی	خاص	90	۶۵	۱۱
0.0150065	عبدالاحد ولد محمد اکبر	باغاتی	خاص	91	۱۰	۷۲
0.0565118	محمد یوسف ولد غلام نبی	باغاتی	خاص	91	۱۱	۷۳
0.0342865	بشیر احمد ولد عبدالعزیز	باغاتی	خاص	91	۱۲	۷۴
0.0128945	عبدالرشید ولد غلام قادر	باغاتی	خاص	91	۱۳	۷۵
0.0442645	نذیر احمد ولد محمد اشرف	باغاتی	خاص	91	۱۴	۷۶
0.0062965	شبیر احمد ولد عبدالغنی	باغاتی	خاص	92	۱۵	۷۷
0.0054377	محمد امین ولد عبدالستار	باغاتی	خاص	93	۱۶	۷۸
0.055095	غلام محمد ولد عبدالرحمٰن	باغاتی	خاص	90	۶۵	۱۱
0.0150065	عبدالاحد ولد محمد اکبر	باغاتی	خاص	91	۱۰	۷۲
0.0565118	محمد یوسف ولد غلام نبی	باغاتی	خاص	91	۱۱	۷۳
0.0342865	بشیر احمد ولد عبدالعزیز	باغاتی	خاص	91	۱۲	۷۴
0.0128945	عبدالرشید ولد غلام قادر	باغاتی	خاص	91	۱۳	۷۵
0.0442645	نذیر احمد ولد محمد اشرف	باغاتی	خاص	91	۱۴	۷۶
0.0062965	شبیر احمد ولد عبدالغنی	باغاتی	خاص	92	۱۵	۷۷
0.0054377	محمد امین ولد عبدالستار	باغاتی	خاص	93	۱۶	۷۸
0.055095	غلام محمد ولد عبدالرحمٰن	باغاتی	خاص	90	۶۵	۱۱
0.0150065	عبدالاحد ولد محمد اکبر	باغاتی	خاص	91	۱۰	۷۲
0.0565118	محمد یوسف ولد غلام نبی	باغاتی	خاص	91	۱۱	۷۳
0.0342865	بشیر احمد ولد عبدالعزیز	باغاتی	خاص	91	۱۲	۷۴
0.0128945	عبدالرشید ولد غلام قادر	باغاتی	خاص	91	۱۳	۷۵
0.0442645	نذیر احمد ولد محمد اشرف	باغاتی	خاص	91	۱۴	۷۶
0.0062965	شبیر احمد ولد عبدالغنی	باغاتی	خاص	92	۱۵	۷۷
0.0054377	محمد امین ولد عبدالستار	باغاتی	خاص	93	۱۶	۷۸
0.055095	غلام محمد ولد عبدالرحمٰن	باغاتی	خاص	90	۶۵	۱۱
0.0150065	عبدالاحد ولد محمد اکبر	باغاتی	خاص	91	۱۰	۷۲
0.0565118	محمد یوسف ولد غلام نبی	باغاتی	خاص	91	۱۱	۷۳
0.0342865	بشیر احمد ولد عبدالعزیز	باغاتی	خاص	91	۱۲	۷۴
0.0128945	عبدالرشید ولد غلام قادر	باغاتی	خاص	91	۱۳	۷۵
0.0442645	نذیر احمد ولد محمد اشرف	باغاتی	خاص	91	۱۴	۷۶
0.0062965	شبیر احمد ولد عبدالغنی	باغاتی	خاص	92	۱۵	۷۷
0.0054377	محمد امین ولد عبدالستار	باغاتی	خاص	93	۱۶	۷۸
0.055095	غلام محمد ولد عبدالرحمٰن	باغاتی	خاص	90	۶۵	۱۱
0.0150065	عبدالاحد ولد محمد اکبر	باغاتی	خاص	91	۱۰	۷۲
0.0565118	محمد یوسف ولد غلام نبی	باغاتی	خاص	91	۱۱	۷۳
0.0342865	بشیر احمد ولد عبدالعزیز	باغاتی	خاص	91	۱۲	۷۴
0.0128945	عبدالرشید ولد غلام قادر	باغاتی	خاص	91	۱۳	۷۵
0.0442645	نذیر احمد ولد محمد اشرف	باغاتی	خاص	91	۱۴	۷۶
0.0062965	شبیر احمد ولد عبدالغنی	باغاتی	خاص	92	۱۵	۷۷
0.0054377	محمد امین ولد عبدالستار	باغاتی	خاص	93	۱۶	۷۸
0.055095	غلام محمد ولد عبدالرحمٰن	باغاتی	خاص	90	۶۵	۱۱
0.0150065	عبدالاحد ولد محمد اکبر	باغاتی	خاص	91	۱۰	۷۲
0.0565118	محمد یوسف ولد غلام نبی	باغاتی	خاص	91	۱۱	۷۳
0.0342865	بشیر احمد ولد عبدالعزیز	باغاتی	خاص	91	۱۲	۷۴
0.0128945	عبدالرشید ولد غلام قادر	باغاتی	خاص	91	۱۳	۷۵
0.0442645	نذیر احمد ولد محمد اشرف	باغاتی	خاص	91	۱۴	۷۶
0.0062965	شبیر احمد ولد عبدالغنی	باغاتی	خاص	92	۱۵	۷۷
0.0054377	محمد امین ولد عبدالستار	باغاتی	خاص	93	۱۶	۷۸
0.055095	غلام محمد ولد عبدالرحمٰن	باغاتی	خاص	90	۶۵	۱۱
0.0150065	عبدالاحد ولد محمد اکبر	باغاتی	خاص	91	۱۰	۷۲
0.0565118	محمد یوسف ولد غلام نبی	باغاتی	خاص	91	۱۱	۷۳
0.0342865	بشیر احمد ولد عبدالعزیز	باغاتی	خاص	91	۱۲	۷۴
0.0128945	عبدالرشید ولد غلام قادر	باغاتی	خاص	91	۱۳	۷۵
0.0442645	نذیر احمد ولد محمد اشرف	باغاتی	خاص	91	۱۴	۷۶
0.0062965	شبیر احمد ولد عبدالغنی	باغاتی	خاص	92	۱۵	۷۷
0.0054377	محمد امین ولد عبدالستار	باغاتی	خاص	93	۱۶	۷۸
0.055095	غلام محمد ولد عبدالرحمٰن	باغاتی	خاص	90	۶۵	۱۱
0.0150065	عبدالاحد ولد محمد اکبر	باغاتی	خاص	91	۱۰	۷۲
0.0565118	محمد یوسف ولد غلام نبی	باغاتی	خاص	91	۱۱	۷۳
0.0342865	بشیر احمد ولد عبدالعزیز	باغاتی	خاص	91	۱۲	۷۴
0.0128945	عبدالرشید ولد غلام قادر	باغاتی	خاص	91	۱۳	۷۵
0.0442645	نذیر احمد ولد محمد اشرف	باغاتی	خاص	91	۱۴	۷۶
0.0062965	شبیر احمد ولد عبدالغنی	باغاتی	خاص	92	۱۵	۷۷
0.0054377	محمد امین ولد عبدالستار	باغاتی	خاص	93	۱۶	۷۸
0.055095	غلام محمد ولد عبدالرحمٰن	باغاتی	خاص	90	۶۵	۱۱
0.0150065	عبدالاحد ولد محمد اکبر	باغاتی	خاص	91	۱۰	۷۲
0.0565118	محمد یوسف ولد غلام نبی	باغاتی	خاص	91	۱۱	۷۳
0.0342865	بشیر احمد ولد عبدالعزیز	باغاتی	خاص	91	۱۲	۷۴
0.0128945	عبدالرشید ولد غلام قادر	باغاتی	خاص	91	۱۳	۷۵
0.0442645	نذیر احمد ولد محمد اشرف	باغاتی	خاص	91	۱۴	۷۶
0.0062965	شبیر احمد ولد عبدالغنی	باغاتی	خاص	92	۱۵	۷۷
0.0054377	محمد امین ولد عبدالستار	باغاتی	خاص	93	۱۶	۷۸
0.055095	غلام محمد ولد عبدالرحمٰن	باغاتی	خاص	90	۶۵	۱۱
0.0150065	عبدالاحد ولد محمد اکبر	باغاتی	خاص	91	۱۰	۷۲
0.0565118	محمد یوسف ولد غلام نبی	باغاتی	خاص	91	۱۱	۷۳
0.0342865	بشیر احمد ولد عبدالعزیز	باغاتی	خاص	91	۱۲	۷۴
0.0128945	عبدالرشید ولد غلام قادر	باغاتی	خاص	91	۱۳	۷۵
0.0442645	نذیر احمد ولد محمد اشرف	باغاتی	خاص	91	۱۴	۷۶
0.0062965	شبیر احمد ولد عبدالغنی	باغاتی	خاص	92	۱۵	۷۷
0.0054377	محمد امین ولد عبدالستار	باغاتی	خاص	93	۱۶	۷۸
0.055095	غلام محمد ولد عبدالرحمٰن	باغاتی	خاص	90	۶۵	۱۱
0.0150065	عبدالاحد ولد محمد اکبر	باغاتی	خاص	91	۱۰	۷۲
0.0565118	محمد یوسف ولد غلام نبی	باغاتی	خاص	91	۱۱	۷۳
0.0342865	بشیر احمد ولد عبدالعزیز	باغاتی	خاص	91	۱۲	۷۴
0.0128945	عبدالرشید ولد غلام قادر	باغاتی	خاص	91	۱۳	۷۵
0.0442645	نذیر احمد ولد محمد اشرف	باغاتی	خاص	91	۱۴	۷۶
0.0062965	شبیر احمد ولد عبدالغنی	باغاتی	خاص	92	۱۵	۷۷
0.0054377	محمد امین ولد عبدالستار	باغاتی	خاص	93	۱۶	۷۸
0.055095	غلام محمد ولد عبدالرحمٰن	باغاتی	خاص	90	۶۵	۱۱
0.0150065	عبدالاحد ولد محمد اکبر	باغاتی	خاص	91	۱۰	۷۲
0.0565118	محمد یوسف ولد غلام نبی	باغاتی	خاص	91	۱۱	۷۳
0.0342865	بشیر احمد ولد عبدالعزیز	باغاتی	خاص	91	۱۲	۷۴
0.0128945	عبدالرشید ولد غلام قادر	باغاتی	خاص	91	۱۳	۷۵
0.0442645	نذیر احمد ولد محمد اشرف	باغاتی	خاص	91	۱۴	۷۶
0.0062965	شبیر احمد ولد عبدالغنی	باغاتی	خاص	92	۱۵	۷۷
0.0054377	محمد امین ولد عبدالستار	باغاتی	خاص	93	۱۶	۷۸
0.055095	غلام محمد ولد عبدالرحمٰن	باغاتی	خاص	90	۶۵	۱۱
0.0150065	عبدالاحد ولد محمد اکبر	باغاتی	خاص	91	۱۰	۷۲
0.0565118	محمد یوسف ولد غلام نبی	باغاتی	خاص	91	۱۱	۷۳
0.0342865	بشیر احمد ولد عبدالعزیز	باغاتی	خاص	91	۱۲	۷۴
0.0128945	عبدالرشید ولد غلام قادر	باغاتی	خاص	91	۱۳	۷۵
0.0442645	نذیر احمد ولد محمد اشرف	باغاتی	خاص	91	۱۴	۷۶
0.0062965	شبیر احمد ولد عبدالغنی	باغاتی	خاص	92	۱۵	۷۷
0.0054377	محمد امین ولد عبدالستار	باغاتی	خاص	93	۱۶	۷۸
0.055095	غلام محمد ولد عبدالرحمٰن	باغاتی	خاص	90	۶۵	۱۱
0.0150065	عبدالاحد ولد محمد اکبر	باغاتی	خاص	91	۱۰	۷۲
0.0565118	محمد یوسف ولد غلام نبی	باغاتی	خاص	91	۱۱	۷۳
0.0342865	بشیر احمد ولد عبدالعزیز	باغاتی	خاص	91	۱۲	۷۴
0.0128945	عبدالرشید ولد غلام قادر	باغاتی	خاص	91	۱۳	۷۵
0.0442645	نذیر احمد ولد محمد اشرف	باغاتی	خاص	91	۱۴	۷۶
0.0062965	شبیر احمد ولد عبدالغنی	باغاتی	خاص	92	۱۵	۷۷
0.0054377	محمد امین ولد عبدالستار	باغاتی	خاص	93	۱۶	۷۸
0.055095	غلام محمد ولد عبدالرحمٰن	باغاتی	خاص	90	۶۵	۱۱
0.0150065	عبدالاحد ولد محمد اکبر	باغاتی	خاص	91	۱۰	۷۲
0.0565118	محمد یوسف ولد غلام نبی	باغاتی	خاص	91	۱۱	۷۳
0.0342865	بشیر احمد ولد عبدالعزیز	باغاتی	خاص	91	۱۲	۷۴
0.0128945	عبدالرشید ولد غلام قادر	باغاتی	خاص	91	۱۳	۷۵
0.0442645	نذیر احمد ولد محمد اشرف	باغاتی	خاص	91	۱۴	۷۶
0.0062965	شبیر احمد ولد عبدالغنی	باغاتی	خاص	92	۱۵	۷۷
0.0054377	محمد امین ولد عبدالستار	باغاتی	خاص	93	۱۶	۷۸
0.055095	غلام محمد ولد عبدالرحمٰن	باغاتی	خاص	90	۶۵	۱۱
0.0150065	عبدالاحد ولد محمد اکبر	باغاتی	خاص	91	۱۰	۷۲
0.0565118	محمد یوسف ولد غلام نبی	باغاتی	خاص	91	۱۱	۷۳
0.0342865	بشیر احمد ولد عبدالعزیز	باغاتی	خاص	91	۱۲	۷۴
0.0128945	عبدالرشید ولد غلام قادر	باغاتی	خاص	91	۱۳	۷۵
0.0442645	نذیر احمد ولد محمد اشرف	باغاتی	خاص	91	۱۴	۷۶
0.0062965	شبیر احمد ولد عبدالغنی	باغاتی	خاص	92	۱۵	۷۷
0.0054377	محمد امین ولد عبدالستار	باغاتی	خاص	93	۱۶	۷۸
0.055095	غلام محمد ولد عبدالرحمٰن	باغاتی	خاص	90	۶۵	۱۱
0.0150065	عبدالاحد ولد محمد اکبر	باغاتی	خاص	91	۱۰	۷۲
0.0565118	محمد یوسف ولد غلام نبی	باغاتی	خاص	91	۱۱	۷۳
0.0342865	بشیر احمد ولد عبدالعزیز	باغاتی	خاص	91	۱۲	۷۴
0.0128945	عبدالرشید ولد غلام قادر	باغاتی	خاص	91	۱۳	۷۵
0.0442645	نذیر احمد ولد محمد اشرف	باغاتی	خاص	91	۱۴	۷۶
0.0062965	شبیر احمد ولد عبدالغنی	باغاتی	خاص	92	۱۵	۷۷
0.0054377	محمد امین ولد عبدالستار	باغاتی	خاص	93	۱۶	۷۸
0.055095	غلام محمد ولد عبدالرحمٰن	باغاتی	خاص	90	۶۵	۱۱
0.0150065	عبدالاحد ولد محمد اکبر	باغاتی	خاص	91	۱۰	۷۲
0.0565118	محمد یوسف ولد غلام نبی	باغاتی	خاص	91	۱۱	۷۳
0.0342865	بشیر احمد ولد عبدالعزیز	باغاتی	خاص	91	۱۲	۷۴
0.0128945	عبدالرشید ولد غلام قادر	باغاتی	خاص	91	۱۳	۷۵
0.0442645	نذیر احمد ولد محمد اشرف	باغاتی	خاص	91	۱۴	۷۶
0.0062965	شبیر احمد ولد عبدالغنی	باغاتی	خاص	92	۱۵	۷۷
0.0054377	محمد امین ولد عبدالستار	باغاتی	خاص	93	۱۶	۷۸
0.055095	غلام محمد ولد عبدالرحمٰن	باغاتی	خاص	90	۶۵	۱۱
0.0150065	عبدالاحد ولد محمد اکبر	باغاتی	خاص	91	۱۰	۷۲
0.0565118	محمد یوسف ولد غلام نبی	باغاتی	خاص	91	۱۱	۷۳
0.0342865	بشیر احمد ولد عبدالعزیز	باغاتی	خاص	91	۱۲	۷۴
0.0128945	عبدالرشید ولد غلام قادر	باغاتی	خاص	91	۱۳	۷۵
0.0442645	نذیر احمد ولد محمد اشرف	باغاتی	خاص	91	۱۴	۷۶
0.0062965	شبیر احمد ولد عبدالغنی	باغاتی	خاص	92	۱۵	۷۷
0.0054377	محمد امین ولد عبدالستار	باغاتی	خاص	93	۱۶	۷۸
0.055095	غلام محمد ولد عبدالرحمٰن	باغاتی	خاص	90	۶۵	۱۱
0.0150065	عبدالاحد ولد محمد اکبر	باغاتی	خاص	91	۱۰	۷۲
0.0565118	محمد یوسف ولد غلام نبی	باغاتی	خاص	91	۱۱	۷۳
0.0342865	بشیر احمد ولد عبدالعزیز	باغاتی	خاص	91	۱۲	۷۴
0.0128945	عبدالرشید ولد غلام قادر	باغاتی	خاص	91	۱۳	۷۵
0.0442645	نذیر احمد ولد محمد اشرف	باغاتی	خاص	91	۱۴	۷۶
0.0062965	شبیر احمد ولد عبدالغنی	باغاتی	خاص	92	۱۵	۷۷
0.0054377	محمد امین ولد عبدالستار	باغاتی	خاص	93	۱۶	۷۸
0.055095	غلام محمد ولد عبدالرحمٰن	باغاتی	خاص	90	۶۵	۱۱
0.0150065	عبدالاحد ولد محمد اکبر	باغاتی	خاص	91	۱۰	۷۲
0.0565118	محمد یوسف ولد غلام نبی	باغاتی	خاص	91	۱۱	۷۳
0.0342865	بشیر احمد ولد عبدالعزیز	باغاتی	خاص	91	۱۲	۷۴
0.0128945	عبدالرشید ولد غلام قادر	باغاتی	خاص	91	۱۳	۷۵
0.0442645	نذیر احمد ولد محمد اشرف	باغاتی	خاص	91	۱۴	۷۶
0.0062965	شبیر احمد ولد عبدالغنی	باغاتی	خاص	92	۱۵	۷۷
0.0054377	محمد امین ولد عبدالستار	باغاتی	خاص	93	۱۶	۷۸
0.055095	غلام محمد ولد عبدالرحمٰن	باغاتی	خاص	90	۶۵	۱۱
0.0150065	عبدالاحد ولد محمد اکبر	باغاتی	خاص	91	۱۰	۷۲
0.0565118	محمد یوسف ولد غلام نبی	باغاتی	خاص	91	۱۱	۷۳
0.0342865	بشیر احمد ولد عبدالعزیز	باغاتی	خاص	91	۱۲	۷۴
0.0128945	عبدالرشید ولد غلام قادر	باغاتی	خاص	91	۱۳	۷۵
0.0442645	نذیر احمد ولد محمد اشرف	باغاتی	خاص	91	۱۴	۷۶
0.0062965	شبیر احمد ولد عبدالغنی	باغاتی	خاص	92	۱۵	۷۷
0.0054377	محمد امین ولد عبدالستار	باغاتی	خاص	93	۱۶	۷۸
0.055095	غلام محمد ولد عبدالرحمٰن	باغاتی	خاص	90	۶۵	۱۱
0.0150065	عبدالاحد ولد محمد اکبر	باغاتی	خاص	91	۱۰	۷۲
0.0565118	محمد یوسف ولد غلام نبی	باغاتی	خاص	91	۱۱	۷۳
0.0342865	بشیر احمد ولد عبدالعزیز	باغاتی	خاص	91	۱۲	۷۴
0.0128945	عبدالرشید ولد غلام قادر	باغاتی	خاص	91	۱۳	۷۵
0.0442645	نذیر احمد ولد محمد اشرف	باغاتی	خاص	91	۱۴	۷۶
0.0062965	شبیر احمد ولد عبدالغنی	باغاتی	خاص	92	۱۵	۷۷
0.0054377	محمد امین ولد عبدالستار	باغاتی	خاص	93	۱۶	۷۸
0.055095	غلام محمد ولد عبدالرحمٰن	باغاتی	خاص	90	۶۵	۱۱
0.0150065	عبدالاحد ولد محمد اکبر	باغاتی	خاص	91	۱۰	۷۲
0.0565118	محمد یوسف ولد غلام نبی	باغاتی	خاص	91	۱۱	۷۳
0.0342865	بشیر احمد ولد عبدالعزیز	باغاتی	خاص	91	۱۲	۷۴
0.0128945	عبدالرشید ولد غلام قادر	باغاتی	خاص	91	۱۳	۷۵
0.0442645	نذیر احمد ولد محمد اشرف	باغاتی	خاص	91	۱۴	۷۶
0.0062965	شبیر احمد ولد عبدالغنی	باغاتی	خاص	92	۱۵	۷۷
0.0054377	محمد امین ولد عبدالستار	باغاتی	خاص	93	۱۶	۷۸
0.055095	غلام محمد ولد عبدالرحمٰن	باغاتی	خاص	90	۶۵	۱۱
0.0150065	عبدالاحد ولد محمد اکبر	باغاتی	خاص	91	۱۰	۷۲
0.0565118	محمد یوسف ولد غلام نبی	باغاتی	خاص	91	۱۱	۷۳
0.0342865	بشیر احمد ولد عبدالعزیز	باغاتی	خاص	91	۱۲	۷۴
0.0128945	عبدالرشید ولد غلام قادر	باغاتی	خاص	91	۱۳	۷۵
0.0442645	نذیر احمد ولد محمد اشرف	باغاتی	خاص	91	۱۴	۷۶
0.0062965	شبیر احمد ولد عبدالغنی	باغاتی	خاص	92	۱۵	۷۷
0.0054377	محمد امین ولد عبدالستار	باغاتی	خاص	93	۱۶	۷۸
0.055095	غلام محمد ولد عبدالرحمٰن	باغاتی	خاص	90	۶۵	۱۱
0.0150065	عبدالاحد ولد محمد اکبر	باغاتی	خاص	91	۱۰	۷۲
0.0565118	محمد یوسف ولد غلام نبی	باغاتی	خاص	91	۱۱	۷۳
0.0342865	بشیر احمد ولد عبدالعزیز	باغاتی	خاص	91	۱۲	۷۴
0.0128945	عبدالرشید ولد غلام قادر	باغاتی	خاص	91	۱۳	۷۵
0.0442645	نذیر احمد ولد محمد اشرف	باغاتی	خاص	91	۱۴	۷۶
0.0062965	شبیر احمد ولد عبدالغنی	باغاتی	خاص	92	۱۵	۷۷
0.0054377	محمد امین ولد عبدالستار	باغاتی	خاص	93	۱۶	۷۸
CONTINUED ON PAGE NO 7
